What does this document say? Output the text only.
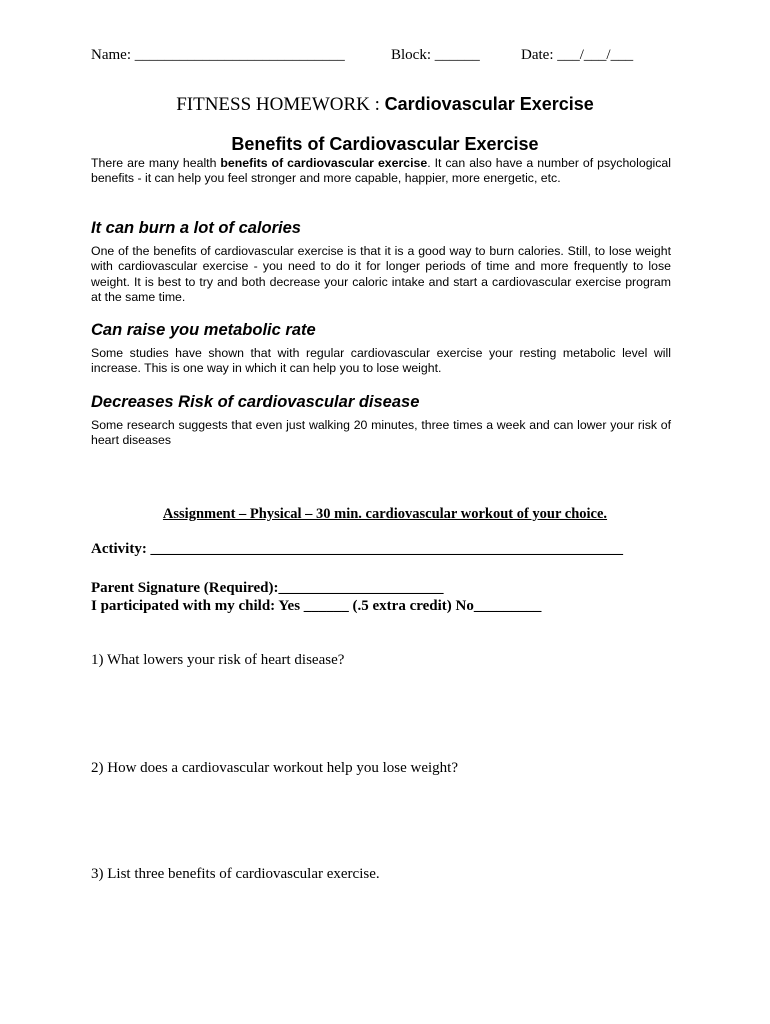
Name: ____________________________	Block: ______	Date: ___/___/___
FITNESS HOMEWORK : Cardiovascular Exercise
Benefits of Cardiovascular Exercise

There are many health benefits of cardiovascular exercise. It can also have a number of psychological benefits - it can help you feel stronger and more capable, happier, more energetic, etc.

It can burn a lot of calories

One of the benefits of cardiovascular exercise is that it is a good way to burn calories. Still, to lose weight with cardiovascular exercise - you need to do it for longer periods of time and more frequently to lose weight. It is best to try and both decrease your caloric intake and start a cardiovascular exercise program at the same time.

Can raise you metabolic rate

Some studies have shown that with regular cardiovascular exercise your resting metabolic level will increase. This is one way in which it can help you to lose weight.

Decreases Risk of cardiovascular disease

Some research suggests that even just walking 20 minutes, three times a week and can lower your risk of heart diseases

Assignment – Physical – 30 min. cardiovascular workout of your choice.
Activity: _______________________________________________________________
Parent Signature (Required):______________________
I participated with my child: Yes ______ (.5 extra credit) No_________
1) What lowers your risk of heart disease?
2) How does a cardiovascular workout help you lose weight?
3) List three benefits of cardiovascular exercise.
